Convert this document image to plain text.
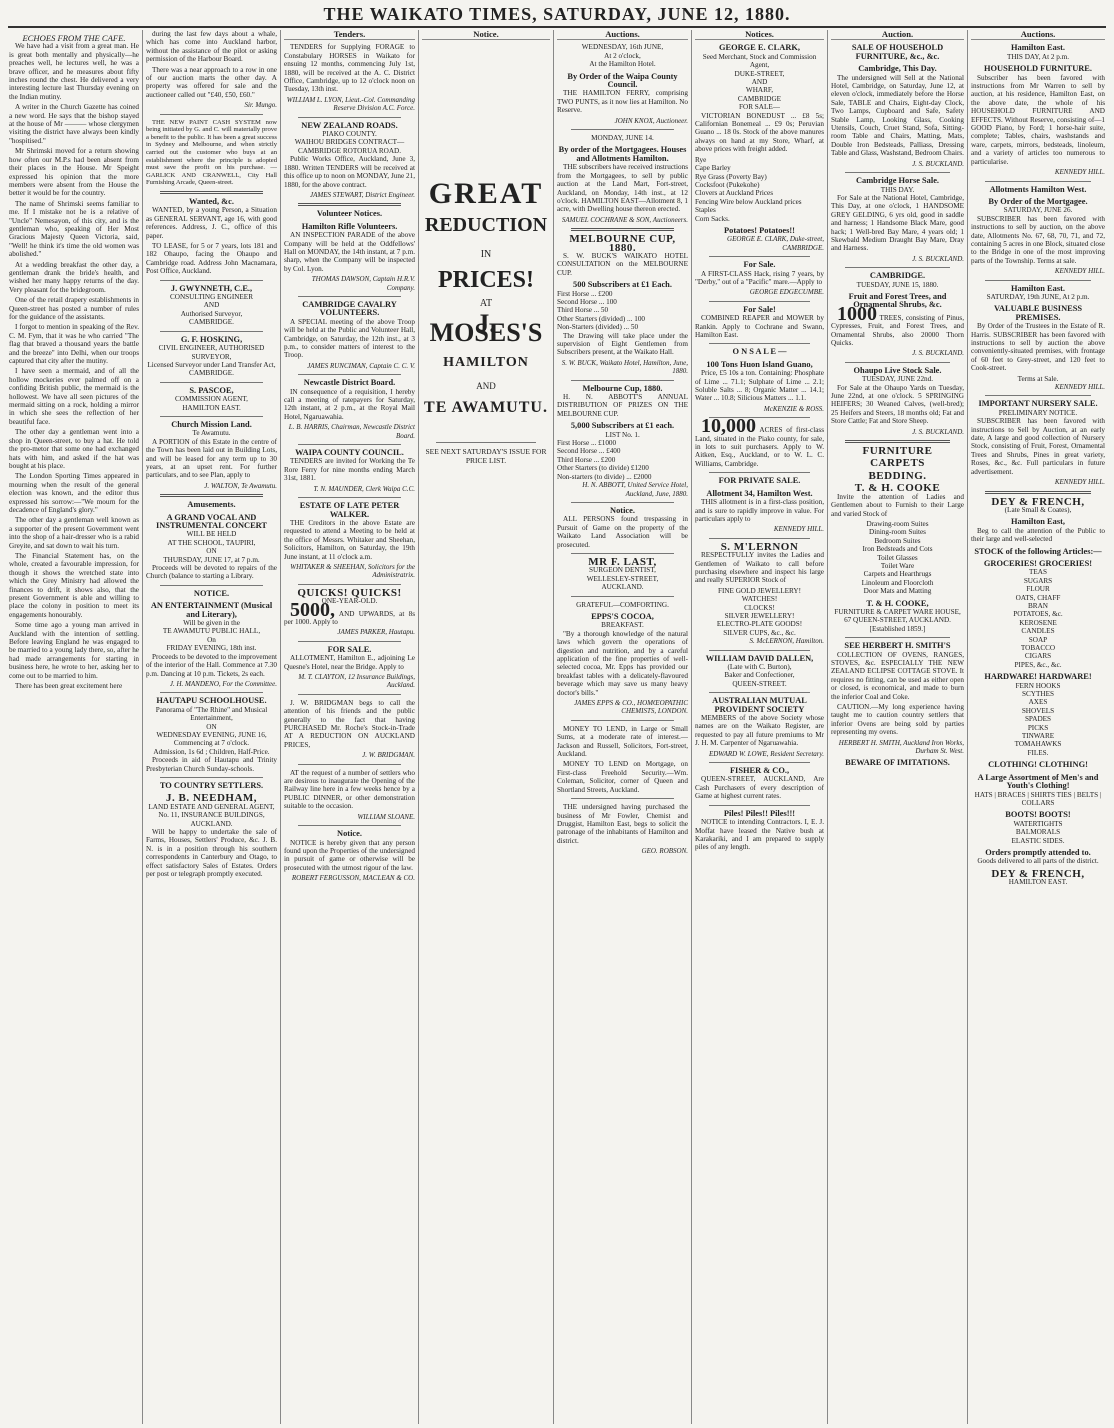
THE WAIKATO TIMES, SATURDAY, JUNE 12, 1880.
ECHOES FROM THE CAFE.
We have had a visit from a great man. He is great both mentally and physically—he preaches well, he lectures well, he was a brave officer, and he measures about fifty inches round the chest. He delivered a very interesting lecture last Thursday evening on the Indian mutiny.
A writer in the Church Gazette has coined a new word. He says that the bishop stayed at the house of Mr ——— whose clergymen visiting the district have always been kindly "hospitised."
Mr Shrimski moved for a return showing how often our M.P.s had been absent from their places in the House. Mr Speight expressed his opinion that the more members were absent from the House the better it would be for the country.
The name of Shrimski seems familiar to me. If I mistake not he is a relative of "Uncle" Nemesayon, of this city, and is the gentleman who, speaking of Her Most Gracious Majesty Queen Victoria, said, "Well! he think it's time the old women was abolished."
At a wedding breakfast the other day, a gentleman drank the bride's health, and wished her many happy returns of the day. Very pleasant for the bridegroom.
One of the retail drapery establishments in Queen-street has posted a number of rules for the guidance of the assistants.
I forgot to mention in speaking of the Rev. C. M. Fym, that it was he who carried "The flag that braved a thousand years the battle and the breeze" into Delhi, when our troops captured that city after the mutiny.
I have seen a mermaid, and of all the hollow mockeries ever palmed off on a confiding British public, the mermaid is the hollowest. We have all seen pictures of the mermaid sitting on a rock, holding a mirror in which she sees the reflection of her beautiful face.
The other day a gentleman went into a shop in Queen-street, to buy a hat. He told the pro-metor that some one had exchanged hats with him, and asked if the hat was bought at his place.
The London Sporting Times appeared in mourning when the result of the general election was known, and the editor thus expressed his sorrow:—"We mourn for the decadence of England's glory."
The other day a gentleman well known as a supporter of the present Government went into the shop of a hair-dresser who is a rabid Greyite, and sat down to wait his turn.
The Financial Statement has, on the whole, created a favourable impression, for though it shows the wretched state into which the Grey Ministry had allowed the finances to drift, it shows also, that the present Government is able and willing to place the colony in position to meet its engagements honourably.
Some time ago a young man arrived in Auckland with the intention of settling. Before leaving England he was engaged to be married to a young lady there, so, after he had made arrangements for starting in business here, he wrote to her, asking her to come out to be married to him.
There has been great excitement here
during the last few days about a whale, which has come into Auckland harbor, without the assistance of the pilot or asking permission of the Harbour Board.
There was a near approach to a row in one of our auction marts the other day. A property was offered for sale and the auctioneer called out "£40, £50, £60."
Sir. Mungo.
THE NEW PAINT CASH SYSTEM now being initiated by G. and C. will materially prove a benefit to the public. It has been a great success in Sydney and Melbourne, and when strictly carried out the customer who buys at an establishment where the principle is adopted must save the profit on his purchase. — GARLICK AND CRANWELL, City Hall Furnishing Arcade, Queen-street.
Wanted, &c.
WANTED, by a young Person, a Situation as GENERAL SERVANT, age 16, with good references. Address, J. C., office of this paper.
TO LEASE, for 5 or 7 years, lots 181 and 182 Ohaupo, facing the Ohaupo and Cambridge road. Address John Macnamara, Post Office, Auckland.
J. GWYNNETH, C.E.,
CONSULTING ENGINEER
AND
Authorised Surveyor,
CAMBRIDGE.
G. F. HOSKING,
CIVIL ENGINEER, AUTHORISED SURVEYOR,
Licensed Surveyor under Land Transfer Act,
CAMBRIDGE.
S. PASCOE,
COMMISSION AGENT,
HAMILTON EAST.
Church Mission Land.
Te Awamutu.
A PORTION of this Estate in the centre of the Town has been laid out in Building Lots, and will be leased for any term up to 30 years, at an upset rent. For further particulars, and to see Plan, apply to
J. WALTON, Te Awamutu.
Amusements.
A GRAND VOCAL AND INSTRUMENTAL CONCERT
WILL BE HELD
AT THE SCHOOL, TAUPIRI,
ON
THURSDAY, JUNE 17, at 7 p.m.
Proceeds will be devoted to repairs of the Church (balance to starting a Library.
NOTICE.
AN ENTERTAINMENT (Musical and Literary),
Will be given in the
TE AWAMUTU PUBLIC HALL,
On
FRIDAY EVENING, 18th inst.
Proceeds to be devoted to the improvement of the interior of the Hall. Commence at 7.30 p.m. Dancing at 10 p.m. Tickets, 2s each.
J. H. MANDENO, For the Committee.
HAUTAPU SCHOOLHOUSE.
Panorama of "The Rhine" and Musical Entertainment,
ON
WEDNESDAY EVENING, JUNE 16,
Commencing at 7 o'clock.
Admission, 1s 6d ; Children, Half-Price.
Proceeds in aid of Hautapu and Trinity Presbyterian Church Sunday-schools.
TO COUNTRY SETTLERS.
J. B. NEEDHAM,
LAND ESTATE AND GENERAL AGENT,
No. 11, INSURANCE BUILDINGS, AUCKLAND.
Will be happy to undertake the sale of Farms, Houses, Settlers' Produce, &c. J. B. N. is in a position through his southern correspondents in Canterbury and Otago, to effect satisfactory Sales of Estates. Orders per post or telegraph promptly executed.
Tenders.
TENDERS for Supplying FORAGE to Constabulary HORSES in Waikato for ensuing 12 months, commencing July 1st, 1880, will be received at the A. C. District Office, Cambridge, up to 12 o'clock noon on Tuesday, 13th inst.
WILLIAM L. LYON, Lieut.-Col. Commanding Reserve Division A.C. Force.
NEW ZEALAND ROADS.
PIAKO COUNTY.
WAIHOU BRIDGES CONTRACT—
CAMBRIDGE ROTORUA ROAD.
Public Works Office, Auckland, June 3, 1880. Written TENDERS will be received at this office up to noon on MONDAY, June 21, 1880, for the above contract.
JAMES STEWART, District Engineer.
Volunteer Notices.
Hamilton Rifle Volunteers.
AN INSPECTION PARADE of the above Company will be held at the Oddfellows' Hall on MONDAY, the 14th instant, at 7 p.m. sharp, when the Company will be inspected by Col. Lyon.
THOMAS DAWSON, Captain H.R.V. Company.
CAMBRIDGE CAVALRY VOLUNTEERS.
A SPECIAL meeting of the above Troop will be held at the Public and Volunteer Hall, Cambridge, on Saturday, the 12th inst., at 3 p.m., to consider matters of interest to the Troop.
JAMES RUNCIMAN, Captain C. C. V.
Newcastle District Board.
IN consequence of a requisition, I hereby call a meeting of ratepayers for Saturday, 12th instant, at 2 p.m., at the Royal Mail Hotel, Ngaruawahia.
L. B. HARRIS, Chairman, Newcastle District Board.
WAIPA COUNTY COUNCIL.
TENDERS are invited for Working the Te Rore Ferry for nine months ending March 31st, 1881.
T. N. MAUNDER, Clerk Waipa C.C.
ESTATE OF LATE PETER WALKER.
THE Creditors in the above Estate are requested to attend a Meeting to be held at the office of Messrs. Whitaker and Sheehan, Solicitors, Hamilton, on Saturday, the 19th June instant, at 11 o'clock a.m.
WHITAKER & SHEEHAN, Solicitors for the Administratrix.
QUICKS! QUICKS!
ONE-YEAR-OLD.
5000, AND UPWARDS, at 8s per 1000. Apply to
JAMES PARKER, Hautapu.
FOR SALE.
ALLOTMENT, Hamilton E., adjoining Le Quesne's Hotel, near the Bridge. Apply to
M. T. CLAYTON, 12 Insurance Buildings, Auckland.
J. W. BRIDGMAN begs to call the attention of his friends and the public generally to the fact that having PURCHASED Mr. Roche's Stock-in-Trade AT A REDUCTION ON AUCKLAND PRICES,
J. W. BRIDGMAN.
AT the request of a number of settlers who are desirous to inaugurate the Opening of the Railway line here in a few weeks hence by a PUBLIC DINNER, or other demonstration suitable to the occasion.
WILLIAM SLOANE.
Notice.
NOTICE is hereby given that any person found upon the Properties of the undersigned in pursuit of game or otherwise will be prosecuted with the utmost rigour of the law.
ROBERT FERGUSSON, MACLEAN & CO.
Notice.
GREAT
REDUCTION
IN
PRICES!
AT
J. MOSES'S
HAMILTON
AND
TE AWAMUTU.
SEE NEXT SATURDAY'S ISSUE FOR PRICE LIST.
Auctions.
WEDNESDAY, 16th JUNE,
At 2 o'clock,
At the Hamilton Hotel.
By Order of the Waipa County Council.
THE HAMILTON FERRY, comprising TWO PUNTS, as it now lies at Hamilton. No Reserve.
JOHN KNOX, Auctioneer.
MONDAY, JUNE 14.
By order of the Mortgagees. Houses and Allotments Hamilton.
THE subscribers have received instructions from the Mortgagees, to sell by public auction at the Land Mart, Fort-street, Auckland, on Monday, 14th inst., at 12 o'clock. HAMILTON EAST—Allotment 8, 1 acre, with Dwelling house thereon erected.
SAMUEL COCHRANE & SON, Auctioneers.
MELBOURNE CUP, 1880.
S. W. BUCK'S WAIKATO HOTEL CONSULTATION on the MELBOURNE CUP.
500 Subscribers at £1 Each.
First Horse ... £200
Second Horse ... 100
Third Horse ... 50
Other Starters (divided) ... 100
Non-Starters (divided) ... 50
The Drawing will take place under the supervision of Eight Gentlemen from Subscribers present, at the Waikato Hall.
S. W. BUCK, Waikato Hotel, Hamilton, June, 1880.
Melbourne Cup, 1880.
H. N. ABBOTT'S ANNUAL DISTRIBUTION OF PRIZES ON THE MELBOURNE CUP.
5,000 Subscribers at £1 each.
LIST No. 1.
First Horse ... £1000
Second Horse ... £400
Third Horse ... £200
Other Starters (to divide) £1200
Non-starters (to divide) ... £2000
H. N. ABBOTT, United Service Hotel, Auckland, June, 1880.
Notice.
ALL PERSONS found trespassing in Pursuit of Game on the property of the Waikato Land Association will be prosecuted.
MR F. LAST,
SURGEON DENTIST,
WELLESLEY-STREET,
AUCKLAND.
GRATEFUL—COMFORTING.
EPPS'S COCOA,
BREAKFAST.
"By a thorough knowledge of the natural laws which govern the operations of digestion and nutrition, and by a careful application of the fine properties of well-selected cocoa, Mr. Epps has provided our breakfast tables with a delicately-flavoured beverage which may save us many heavy doctor's bills."
JAMES EPPS & CO., HOMŒOPATHIC CHEMISTS, LONDON.
MONEY TO LEND, in Large or Small Sums, at a moderate rate of interest.—Jackson and Russell, Solicitors, Fort-street, Auckland.
MONEY TO LEND on Mortgage, on First-class Freehold Security.—Wm. Coleman, Solicitor, corner of Queen and Shortland Streets, Auckland.
THE undersigned having purchased the business of Mr Fowler, Chemist and Druggist, Hamilton East, begs to solicit the patronage of the inhabitants of Hamilton and district.
GEO. ROBSON.
Notices.
GEORGE E. CLARK,
Seed Merchant, Stock and Commission Agent,
DUKE-STREET,
AND
WHARF,
CAMBRIDGE
FOR SALE—
VICTORIAN BONEDUST ... £8 5s; Californian Bonemeal ... £9 0s; Peruvian Guano ... 18 0s. Stock of the above manures always on hand at my Store, Wharf, at above prices with freight added.
Rye
Cape Barley
Rye Grass (Poverty Bay)
Cocksfoot (Pukekohe)
Clovers at Auckland Prices
Fencing Wire below Auckland prices
Staples
Corn Sacks.
Potatoes! Potatoes!!
GEORGE E. CLARK, Duke-street, CAMBRIDGE.
For Sale.
A FIRST-CLASS Hack, rising 7 years, by "Derby," out of a "Pacific" mare.—Apply to
GEORGE EDGECUMBE.
For Sale!
COMBINED REAPER and MOWER by Rankin. Apply to Cochrane and Swann, Hamilton East.
O N S A L E —
100 Tons Huon Island Guano,
Price, £5 10s a ton. Containing: Phosphate of Lime ... 71.1; Sulphate of Lime ... 2.1; Soluble Salts ... 8; Organic Matter ... 14.1; Water ... 10.8; Silicious Matters ... 1.1.
McKENZIE & ROSS.
10,000 ACRES of first-class Land, situated in the Piako county, for sale, in lots to suit purchasers. Apply to W. Aitken, Esq., Auckland, or to W. L. C. Williams, Cambridge.
FOR PRIVATE SALE.
Allotment 34, Hamilton West.
THIS allotment is in a first-class position, and is sure to rapidly improve in value. For particulars apply to
KENNEDY HILL.
S. M'LERNON
RESPECTFULLY invites the Ladies and Gentlemen of Waikato to call before purchasing elsewhere and inspect his large and really SUPERIOR Stock of
FINE GOLD JEWELLERY!
WATCHES!
CLOCKS!
SILVER JEWELLERY!
ELECTRO-PLATE GOODS!
SILVER CUPS, &c., &c.
S. McLERNON, Hamilton.
WILLIAM DAVID DALLEN,
(Late with C. Burton),
Baker and Confectioner,
QUEEN-STREET.
AUSTRALIAN MUTUAL PROVIDENT SOCIETY
MEMBERS of the above Society whose names are on the Waikato Register, are requested to pay all future premiums to Mr J. H. M. Carpenter of Ngaruawahia.
EDWARD W. LOWE, Resident Secretary.
FISHER & CO.,
QUEEN-STREET, AUCKLAND, Are Cash Purchasers of every description of Game at highest current rates.
Piles! Piles!! Piles!!!
NOTICE to intending Contractors. I, E. J. Moffat have leased the Native bush at Karakariki, and I am prepared to supply piles of any length.
Auction.
SALE OF HOUSEHOLD FURNITURE, &c., &c.
Cambridge, This Day.
The undersigned will Sell at the National Hotel, Cambridge, on Saturday, June 12, at eleven o'clock, immediately before the Horse Sale, TABLE and Chairs, Eight-day Clock, Two Lamps, Cupboard and Safe, Safety Stable Lamp, Looking Glass, Cooking Utensils, Couch, Cruet Stand, Sofa, Sitting-room Table and Chairs, Matting, Mats, Double Iron Bedsteads, Palliass, Dressing Table and Glass, Washstand, Bedroom Chairs.
J. S. BUCKLAND.
Cambridge Horse Sale.
THIS DAY.
For Sale at the National Hotel, Cambridge, This Day, at one o'clock, 1 HANDSOME GREY GELDING, 6 yrs old, good in saddle and harness; 1 Handsome Black Mare, good hack; 1 Well-bred Bay Mare, 4 years old; 1 Skewbald Medium Draught Bay Mare, Dray and Harness.
J. S. BUCKLAND.
CAMBRIDGE.
TUESDAY, JUNE 15, 1880.
Fruit and Forest Trees, and Ornamental Shrubs, &c.
1000 TREES, consisting of Pinus, Cypresses, Fruit, and Forest Trees, and Ornamental Shrubs, also 20000 Thorn Quicks.
J. S. BUCKLAND.
Ohaupo Live Stock Sale.
TUESDAY, JUNE 22nd.
For Sale at the Ohaupo Yards on Tuesday, June 22nd, at one o'clock. 5 SPRINGING HEIFERS; 30 Weaned Calves, (well-bred); 25 Heifers and Steers, 18 months old; Fat and Store Cattle; Fat and Store Sheep.
J. S. BUCKLAND.
FURNITURE
CARPETS
BEDDING.
T. & H. COOKE
Invite the attention of Ladies and Gentlemen about to Furnish to their Large and varied Stock of
Drawing-room Suites
Dining-room Suites
Bedroom Suites
Iron Bedsteads and Cots
Toilet Glasses
Toilet Ware
Carpets and Hearthrugs
Linoleum and Floorcloth
Door Mats and Matting
T. & H. COOKE,
FURNITURE & CARPET WARE HOUSE,
67 QUEEN-STREET, AUCKLAND.
[Established 1859.]
SEE HERBERT H. SMITH'S
COLLECTION OF OVENS, RANGES, STOVES, &c. ESPECIALLY THE NEW ZEALAND ECLIPSE COTTAGE STOVE. It requires no fitting, can be used as either open or closed, is economical, and made to burn the inferior Coal and Coke.
CAUTION.—My long experience having taught me to caution country settlers that inferior Ovens are being sold by parties representing my ovens.
HERBERT H. SMITH, Auckland Iron Works, Durham St. West.
BEWARE OF IMITATIONS.
Auctions.
Hamilton East.
THIS DAY, At 2 p.m.
HOUSEHOLD FURNITURE.
Subscriber has been favored with instructions from Mr Warren to sell by auction, at his residence, Hamilton East, on the above date, the whole of his HOUSEHOLD FURNITURE AND EFFECTS. Without Reserve, consisting of—1 GOOD Piano, by Ford; 1 horse-hair suite, complete; Tables, chairs, washstands and ware, carpets, mirrors, bedsteads, linoleum, and a variety of articles too numerous to particularise.
KENNEDY HILL.
Allotments Hamilton West.
By Order of the Mortgagee.
SATURDAY, JUNE 26.
SUBSCRIBER has been favored with instructions to sell by auction, on the above date, Allotments No. 67, 68, 70, 71, and 72, containing 5 acres in one Block, situated close to the Bridge in one of the most improving parts of the Township. Terms at sale.
KENNEDY HILL.
Hamilton East.
SATURDAY, 19th JUNE, At 2 p.m.
VALUABLE BUSINESS PREMISES.
By Order of the Trustees in the Estate of R. Harris. SUBSCRIBER has been favored with instructions to sell by auction the above conveniently-situated premises, with frontage of 60 feet to Grey-street, and 120 feet to Cook-street.
Terms at Sale.
KENNEDY HILL.
IMPORTANT NURSERY SALE.
PRELIMINARY NOTICE.
SUBSCRIBER has been favored with instructions to Sell by Auction, at an early date, A large and good collection of Nursery Stock, consisting of Fruit, Forest, Ornamental Trees and Shrubs, Pines in great variety, Roses, &c., &c. Full particulars in future advertisement.
KENNEDY HILL.
DEY & FRENCH,
(Late Small & Coates),
Hamilton East,
Beg to call the attention of the Public to their large and well-selected
STOCK of the following Articles:—
GROCERIES! GROCERIES!
TEAS
SUGARS
FLOUR
OATS, CHAFF
BRAN
POTATOES, &c.
KEROSENE
CANDLES
SOAP
TOBACCO
CIGARS
PIPES, &c., &c.
HARDWARE! HARDWARE!
FERN HOOKS
SCYTHES
AXES
SHOVELS
SPADES
PICKS
TINWARE
TOMAHAWKS
FILES.
CLOTHING! CLOTHING!
A Large Assortment of Men's and Youth's Clothing!
HATS | BRACES | SHIRTS TIES | BELTS | COLLARS
BOOTS! BOOTS!
WATERTIGHTS
BALMORALS
ELASTIC SIDES.
Orders promptly attended to.
Goods delivered to all parts of the district.
DEY & FRENCH,
HAMILTON EAST.
